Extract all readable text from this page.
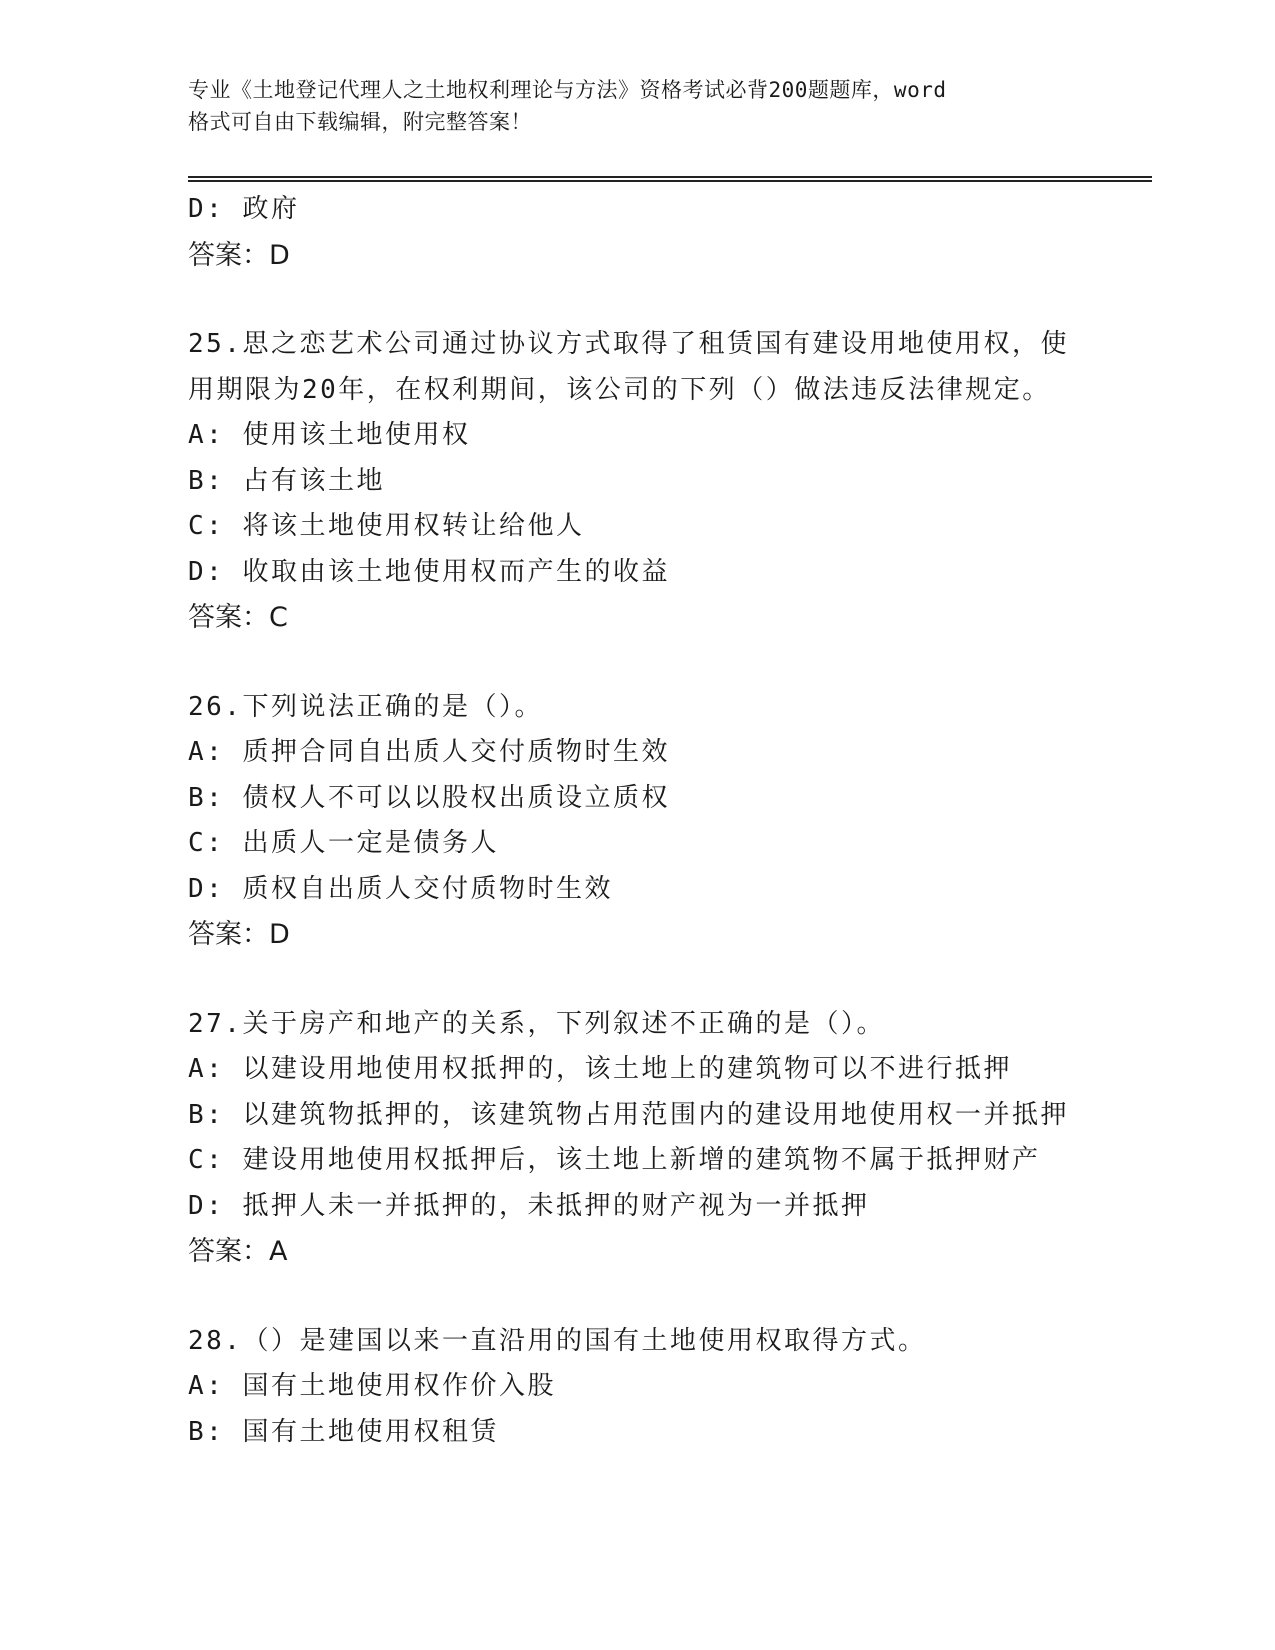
专业《土地登记代理人之土地权利理论与方法》资格考试必背200题题库，word
格式可自由下载编辑，附完整答案！
D: 政府
答案：D
25.思之恋艺术公司通过协议方式取得了租赁国有建设用地使用权，使
用期限为20年，在权利期间，该公司的下列（）做法违反法律规定。
A: 使用该土地使用权
B: 占有该土地
C: 将该土地使用权转让给他人
D: 收取由该土地使用权而产生的收益
答案：C
26.下列说法正确的是（）。
A: 质押合同自出质人交付质物时生效
B: 债权人不可以以股权出质设立质权
C: 出质人一定是债务人
D: 质权自出质人交付质物时生效
答案：D
27.关于房产和地产的关系，下列叙述不正确的是（）。
A: 以建设用地使用权抵押的，该土地上的建筑物可以不进行抵押
B: 以建筑物抵押的，该建筑物占用范围内的建设用地使用权一并抵押
C: 建设用地使用权抵押后，该土地上新增的建筑物不属于抵押财产
D: 抵押人未一并抵押的，未抵押的财产视为一并抵押
答案：A
28.（）是建国以来一直沿用的国有土地使用权取得方式。
A: 国有土地使用权作价入股
B: 国有土地使用权租赁
